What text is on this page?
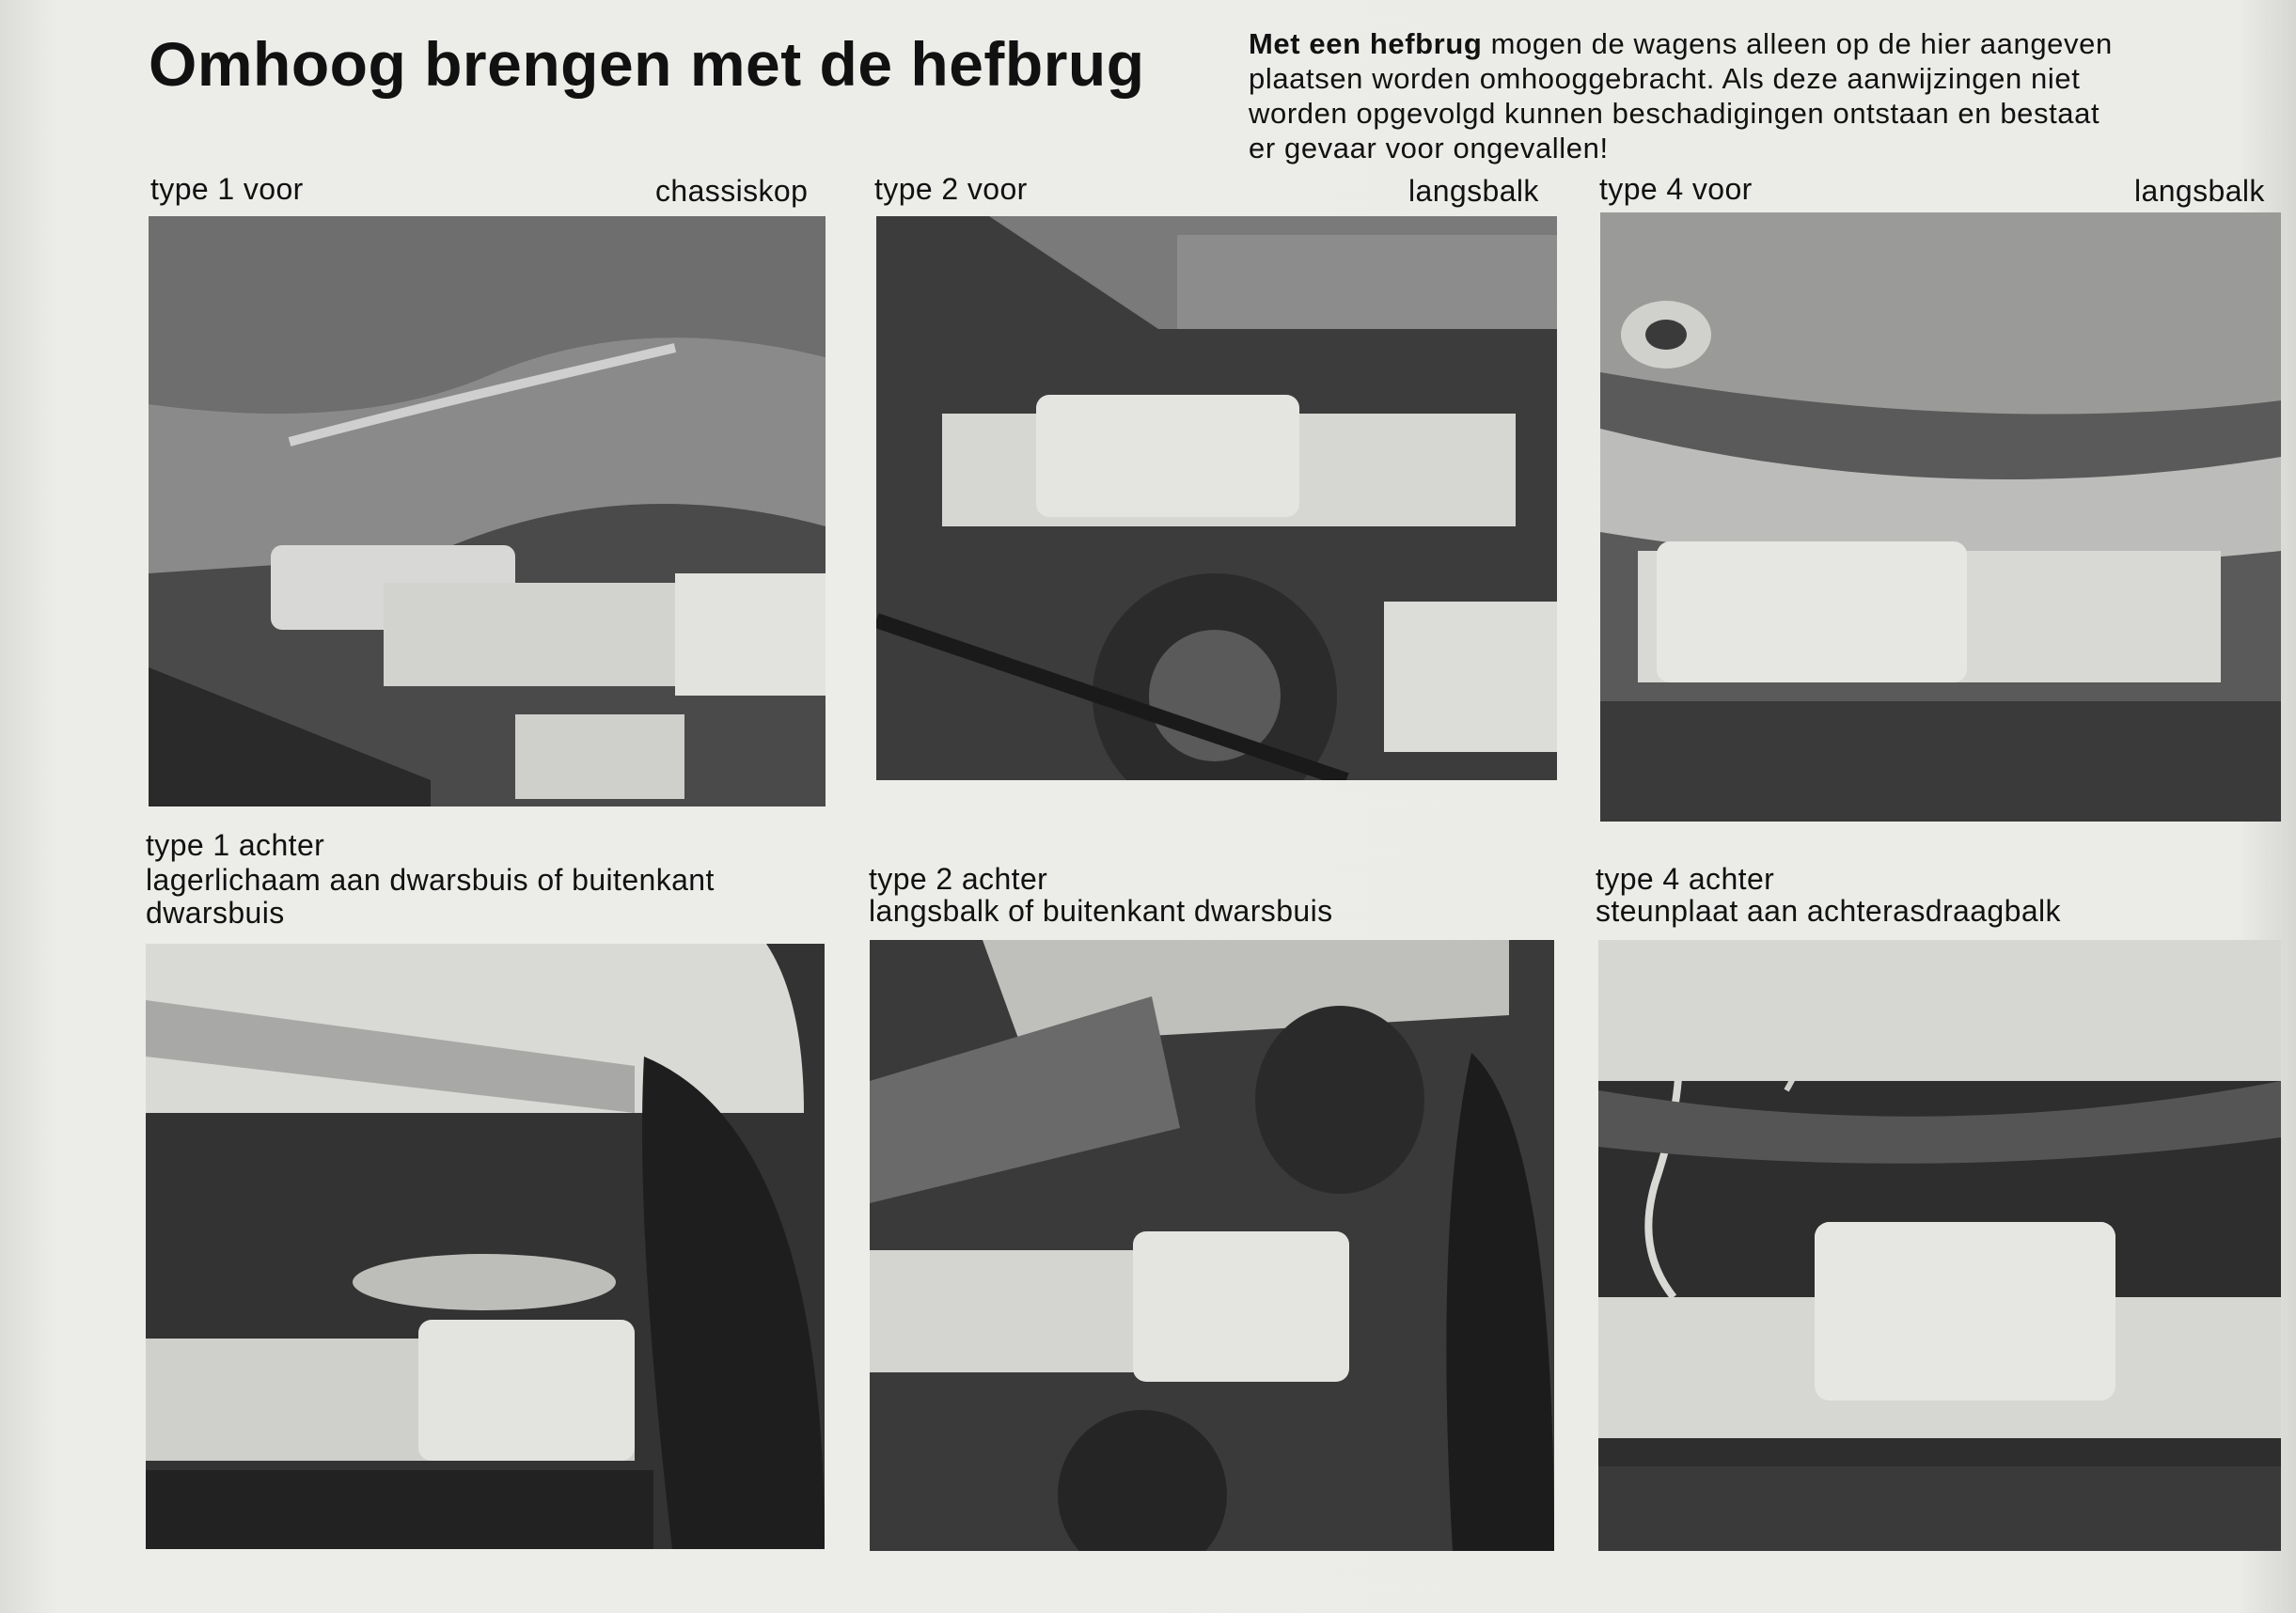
Omhoog brengen met de hefbrug	Met een hefbrug mogen de wagens alleen op de hier aangeven
plaatsen worden omhooggebracht. Als deze aanwijzingen niet
worden opgevolgd kunnen beschadigingen ontstaan en bestaat
er gevaar voor ongevallen!
type 1 voor	chassiskop type 2 voor	langsbalk type 4 voor	langsbalk
type 1 achter
lagerlichaam aan dwarsbuis of buitenkant
dwarsbuis
type 2 achter
langsbalk of buitenkant dwarsbuis
type 4 achter
steunplaat aan achterasdraagbalk
